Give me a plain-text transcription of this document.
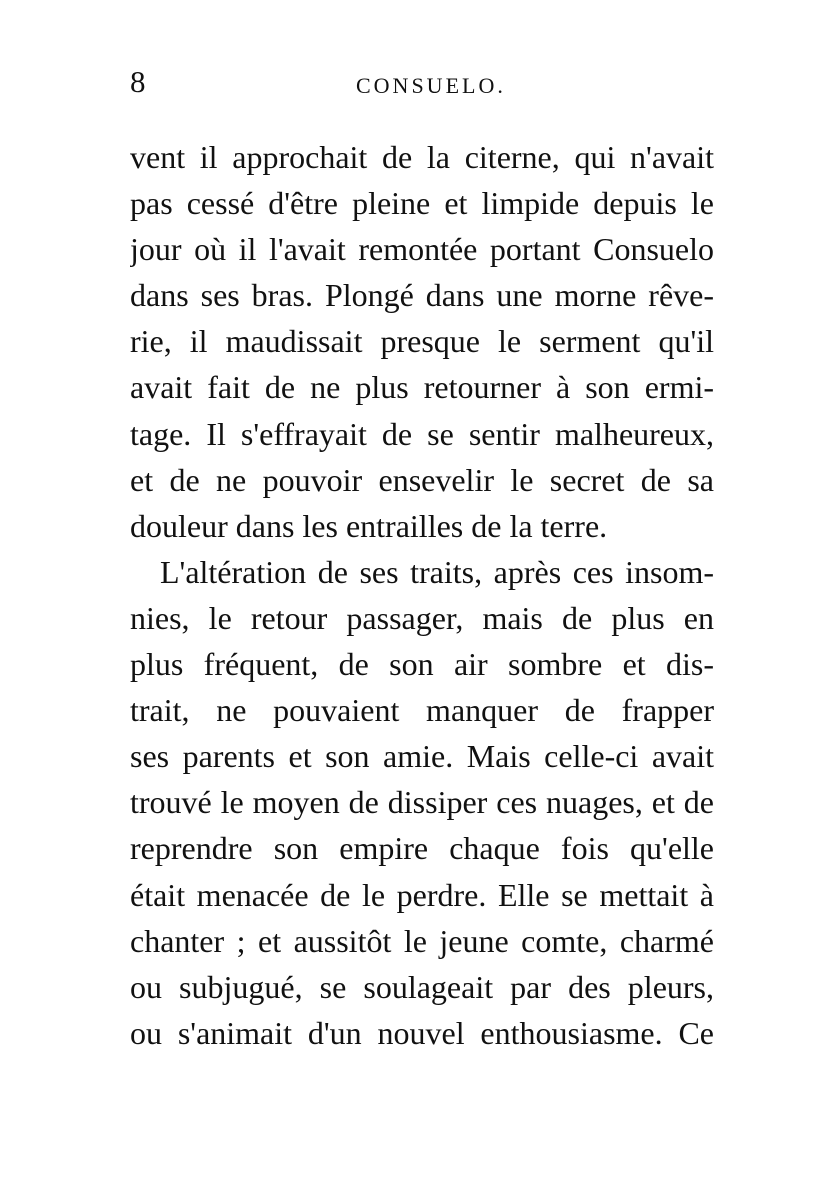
8	CONSUELO.
vent il approchait de la citerne, qui n'avait
pas cessé d'être pleine et limpide depuis le
jour où il l'avait remontée portant Consuelo
dans ses bras. Plongé dans une morne rêve-
rie, il maudissait presque le serment qu'il
avait fait de ne plus retourner à son ermi-
tage. Il s'effrayait de se sentir malheureux,
et de ne pouvoir ensevelir le secret de sa
douleur dans les entrailles de la terre.
L'altération de ses traits, après ces insom-
nies, le retour passager, mais de plus en
plus fréquent, de son air sombre et dis-
trait, ne pouvaient manquer de frapper
ses parents et son amie. Mais celle-ci avait
trouvé le moyen de dissiper ces nuages, et de
reprendre son empire chaque fois qu'elle
était menacée de le perdre. Elle se mettait à
chanter ; et aussitôt le jeune comte, charmé
ou subjugué, se soulageait par des pleurs,
ou s'animait d'un nouvel enthousiasme. Ce
